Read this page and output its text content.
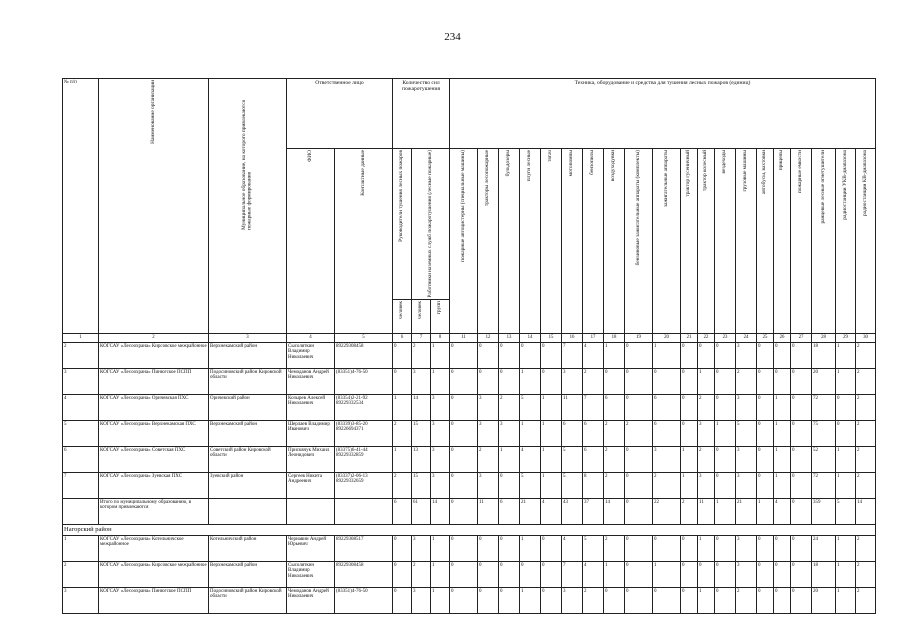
234
№ п/п	Наименование организации	Муниципальное образование, на которого привлекаются пожарные формирования	Ответственное лицо		Количество сил пожаротушения			Техника, оборудование и средства для тушения лесных пожаров (единиц)																			

			ФИО	Контактные данные	Руководители тушения лесных пожаров	Работники наземных служб пожаротушения (лесные пожарные)		пожарные автоцистерны (специальные машины)	тракторы лесопожарные	бульдозеры	плуги лесные	тягач	мотопомпы	бензопилы	воздуходувки	бензиновые зажигательные аппараты (комплекты)	зажигательные аппараты	трактор гусеничный	трактор колесный	вездеходы	грузовые машины	автобусы, вахтовки	прицепы	пожарные емкости	ранцевые лесные огнетушители	радиостанции УКВ-диапазона	радиостанции КВ-диапазона

					человек	человек	групп																				

1	2	3	4	5	6	7	8	11	12	13	14	15	16	17	18	19	20	21	22	23	24	25	26	27	28	29	30
2	КОГСАУ «Лесоохрана» Кирсовское межрайонное	Верхнекамский район	Сысоляткин Владимир Николаевич	89229308458	0	2	1	0	0	0	0	0	7	4	1	0	1	0	0	0	3	0	0	0	18	1	2
3	КОГСАУ «Лесоохрана» Пинюгское ПСПП	Подосиновский район Кировской области	Чемоданов Андрей Николаевич	(83351)4-76-50	0	3	1	0	0	0	1	0	3	2	0	0	0	0	1	0	2	0	0	0	20	1	2
4	КОГСАУ «Лесоохрана» Оричевская ПХС	Оричевский район	Козырев Алексей Николаевич	(83354)2-21-92 89229332534	1	14	3	0	3	2	5	1	11	7	6	0	6	0	2	0	3	0	1	0	72	0	2
5	КОГСАУ «Лесоохрана» Верхнекамская ПХС	Верхнекамский район	Шерлаев Владимир Иванович	(83339)3-85-20 89226694371	2	15	3	0	3	3	1	1	6	6	2	2	6	0	3	1	5	0	1	0	75	0	2
6	КОГСАУ «Лесоохрана» Советская ПХС	Советский район Кировской области	Присквчук Михаил Леонидович	(83375)6-41-44 89229332859	1	13	3	0	2	1	4	1	5	6	2	0	3	1	2	0	3	0	1	0	52	1	2
7	КОГСАУ «Лесоохрана» Зуевская ПХС	Зуевский район	Сергеев Никита Андреевич	(83337)2-06-13 89229332659	2	15	3	0	3	0	5	1	5	8	2	0	2	1	3	0	3	0	1	0	72	1	2
	Итого по муниципальному образованию, в котором привлекаются				6	61	14	0	11	6	21	4	43	37	14	0	22	2	11	1	21	1	4	0	359	5	14
Нагорский район																											
1	КОГСАУ «Лесоохрана» Котельничское межрайонное	Котельничский район	Чернавин Андрей Юрьевич	89229308517	0	3	1	0	0	0	1	0	4	5	2	0	0	0	1	0	3	0	0	0	24	1	2
2	КОГСАУ «Лесоохрана» Кирсовское межрайонное	Верхнекамский район	Сысоляткин Владимир Николаевич	89229308458	0	2	1	0	0	0	0	0	7	4	1	0	1	0	0	0	3	0	0	0	18	1	2
3	КОГСАУ «Лесоохрана» Пинюгское ПСПП	Подосиновский район Кировской области	Чемоданов Андрей Николаевич	(83351)4-76-50	0	3	1	0	0	0	1	0	3	2	0	0	0	0	1	0	2	0	0	0	20	1	2
